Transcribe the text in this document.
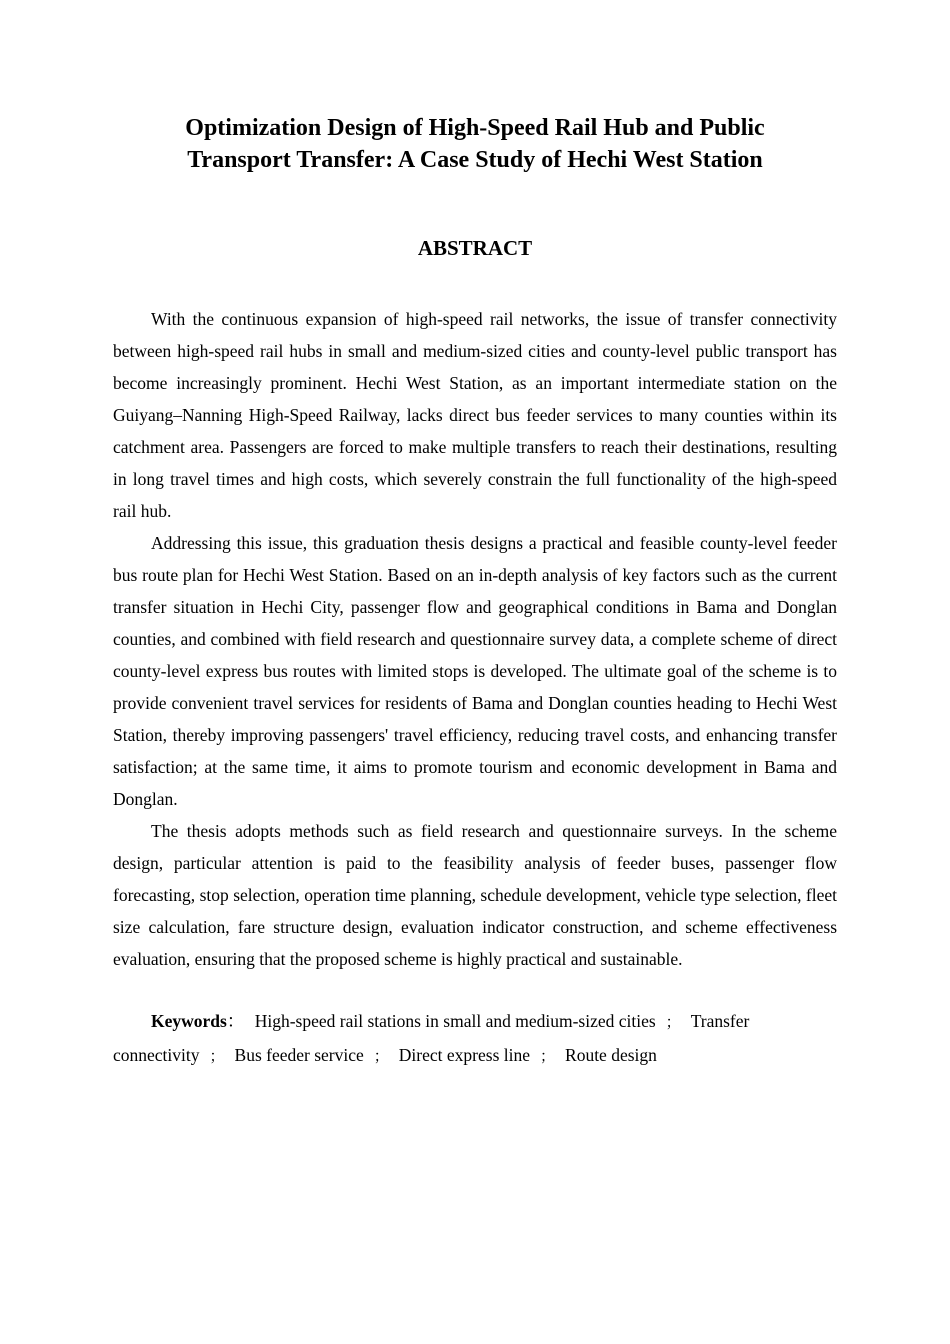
Optimization Design of High-Speed Rail Hub and Public
Transport Transfer: A Case Study of Hechi West Station
ABSTRACT

With the continuous expansion of high-speed rail networks, the issue of transfer connectivity between high-speed rail hubs in small and medium-sized cities and county-level public transport has become increasingly prominent. Hechi West Station, as an important intermediate station on the Guiyang–Nanning High-Speed Railway, lacks direct bus feeder services to many counties within its catchment area. Passengers are forced to make multiple transfers to reach their destinations, resulting in long travel times and high costs, which severely constrain the full functionality of the high-speed rail hub.

Addressing this issue, this graduation thesis designs a practical and feasible county-level feeder bus route plan for Hechi West Station. Based on an in-depth analysis of key factors such as the current transfer situation in Hechi City, passenger flow and geographical conditions in Bama and Donglan counties, and combined with field research and questionnaire survey data, a complete scheme of direct county-level express bus routes with limited stops is developed. The ultimate goal of the scheme is to provide convenient travel services for residents of Bama and Donglan counties heading to Hechi West Station, thereby improving passengers' travel efficiency, reducing travel costs, and enhancing transfer satisfaction; at the same time, it aims to promote tourism and economic development in Bama and Donglan.

The thesis adopts methods such as field research and questionnaire surveys. In the scheme design, particular attention is paid to the feasibility analysis of feeder buses, passenger flow forecasting, stop selection, operation time planning, schedule development, vehicle type selection, fleet size calculation, fare structure design, evaluation indicator construction, and scheme effectiveness evaluation, ensuring that the proposed scheme is highly practical and sustainable.

Keywords： High-speed rail stations in small and medium-sized cities ； Transfer connectivity ； Bus feeder service ； Direct express line ； Route design
